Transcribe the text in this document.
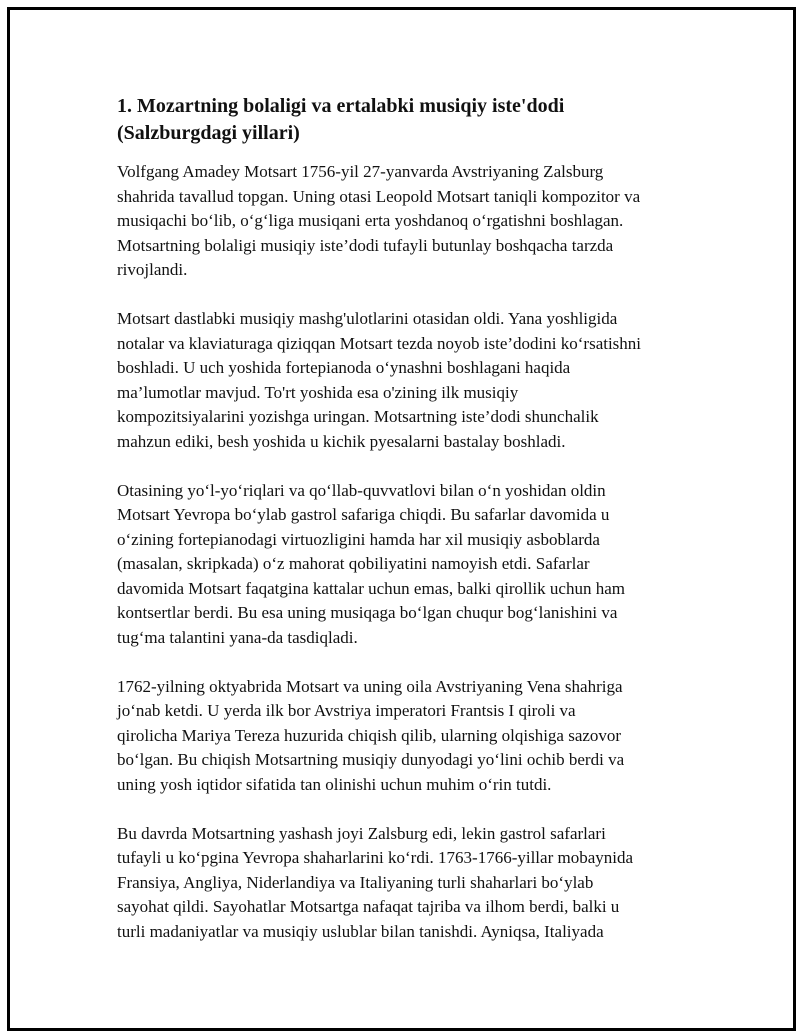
1. Mozartning bolaligi va ertalabki musiqiy iste'dodi
(Salzburgdagi yillari)
Volfgang Amadey Motsart 1756-yil 27-yanvarda Avstriyaning Zalsburg
shahrida tavallud topgan. Uning otasi Leopold Motsart taniqli kompozitor va
musiqachi bo‘lib, o‘g‘liga musiqani erta yoshdanoq o‘rgatishni boshlagan.
Motsartning bolaligi musiqiy iste’dodi tufayli butunlay boshqacha tarzda
rivojlandi.
Motsart dastlabki musiqiy mashg'ulotlarini otasidan oldi. Yana yoshligida
notalar va klaviaturaga qiziqqan Motsart tezda noyob iste’dodini ko‘rsatishni
boshladi. U uch yoshida fortepianoda o‘ynashni boshlagani haqida
ma’lumotlar mavjud. To'rt yoshida esa o'zining ilk musiqiy
kompozitsiyalarini yozishga uringan. Motsartning iste’dodi shunchalik
mahzun ediki, besh yoshida u kichik pyesalarni bastalay boshladi.
Otasining yo‘l-yo‘riqlari va qo‘llab-quvvatlovi bilan o‘n yoshidan oldin
Motsart Yevropa bo‘ylab gastrol safariga chiqdi. Bu safarlar davomida u
o‘zining fortepianodagi virtuozligini hamda har xil musiqiy asboblarda
(masalan, skripkada) o‘z mahorat qobiliyatini namoyish etdi. Safarlar
davomida Motsart faqatgina kattalar uchun emas, balki qirollik uchun ham
kontsertlar berdi. Bu esa uning musiqaga bo‘lgan chuqur bog‘lanishini va
tug‘ma talantini yana-da tasdiqladi.
1762-yilning oktyabrida Motsart va uning oila Avstriyaning Vena shahriga
jo‘nab ketdi. U yerda ilk bor Avstriya imperatori Frantsis I qiroli va
qirolicha Mariya Tereza huzurida chiqish qilib, ularning olqishiga sazovor
bo‘lgan. Bu chiqish Motsartning musiqiy dunyodagi yo‘lini ochib berdi va
uning yosh iqtidor sifatida tan olinishi uchun muhim o‘rin tutdi.
Bu davrda Motsartning yashash joyi Zalsburg edi, lekin gastrol safarlari
tufayli u ko‘pgina Yevropa shaharlarini ko‘rdi. 1763-1766-yillar mobaynida
Fransiya, Angliya, Niderlandiya va Italiyaning turli shaharlari bo‘ylab
sayohat qildi. Sayohatlar Motsartga nafaqat tajriba va ilhom berdi, balki u
turli madaniyatlar va musiqiy uslublar bilan tanishdi. Ayniqsa, Italiyada
